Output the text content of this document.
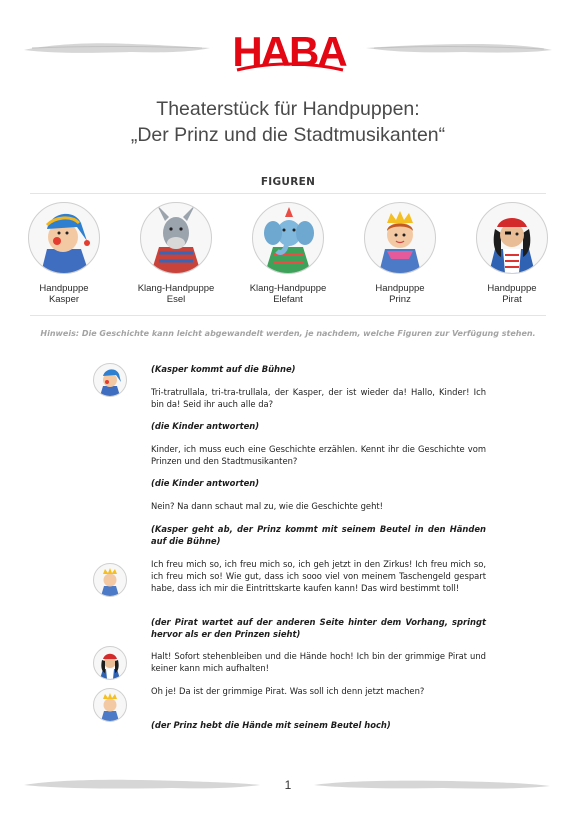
HABA
Theaterstück für Handpuppen:
„Der Prinz und die Stadtmusikanten“
FIGUREN
Handpuppe
Kasper
Klang-Handpuppe
Esel
Klang-Handpuppe
Elefant
Handpuppe
Prinz
Handpuppe
Pirat
Hinweis: Die Geschichte kann leicht abgewandelt werden, je nachdem, welche Figuren zur Verfügung stehen.
(Kasper kommt auf die Bühne)
Tri-tratrullala, tri-tra-trullala, der Kasper, der ist wieder da! Hallo, Kinder! Ich bin da! Seid ihr auch alle da?
(die Kinder antworten)
Kinder, ich muss euch eine Geschichte erzählen. Kennt ihr die Geschichte vom Prinzen und den Stadtmusikanten?
(die Kinder antworten)
Nein? Na dann schaut mal zu, wie die Geschichte geht!
(Kasper geht ab, der Prinz kommt mit seinem Beutel in den Händen auf die Bühne)
Ich freu mich so, ich freu mich so, ich geh jetzt in den Zirkus! Ich freu mich so, ich freu mich so! Wie gut, dass ich sooo viel von meinem Taschengeld gespart habe, dass ich mir die Eintrittskarte kaufen kann! Das wird bestimmt toll!
(der Pirat wartet auf der anderen Seite hinter dem Vorhang, springt hervor als er den Prinzen sieht)
Halt! Sofort stehenbleiben und die Hände hoch! Ich bin der grimmige Pirat und keiner kann mich aufhalten!
Oh je! Da ist der grimmige Pirat. Was soll ich denn jetzt machen?
(der Prinz hebt die Hände mit seinem Beutel hoch)
1
